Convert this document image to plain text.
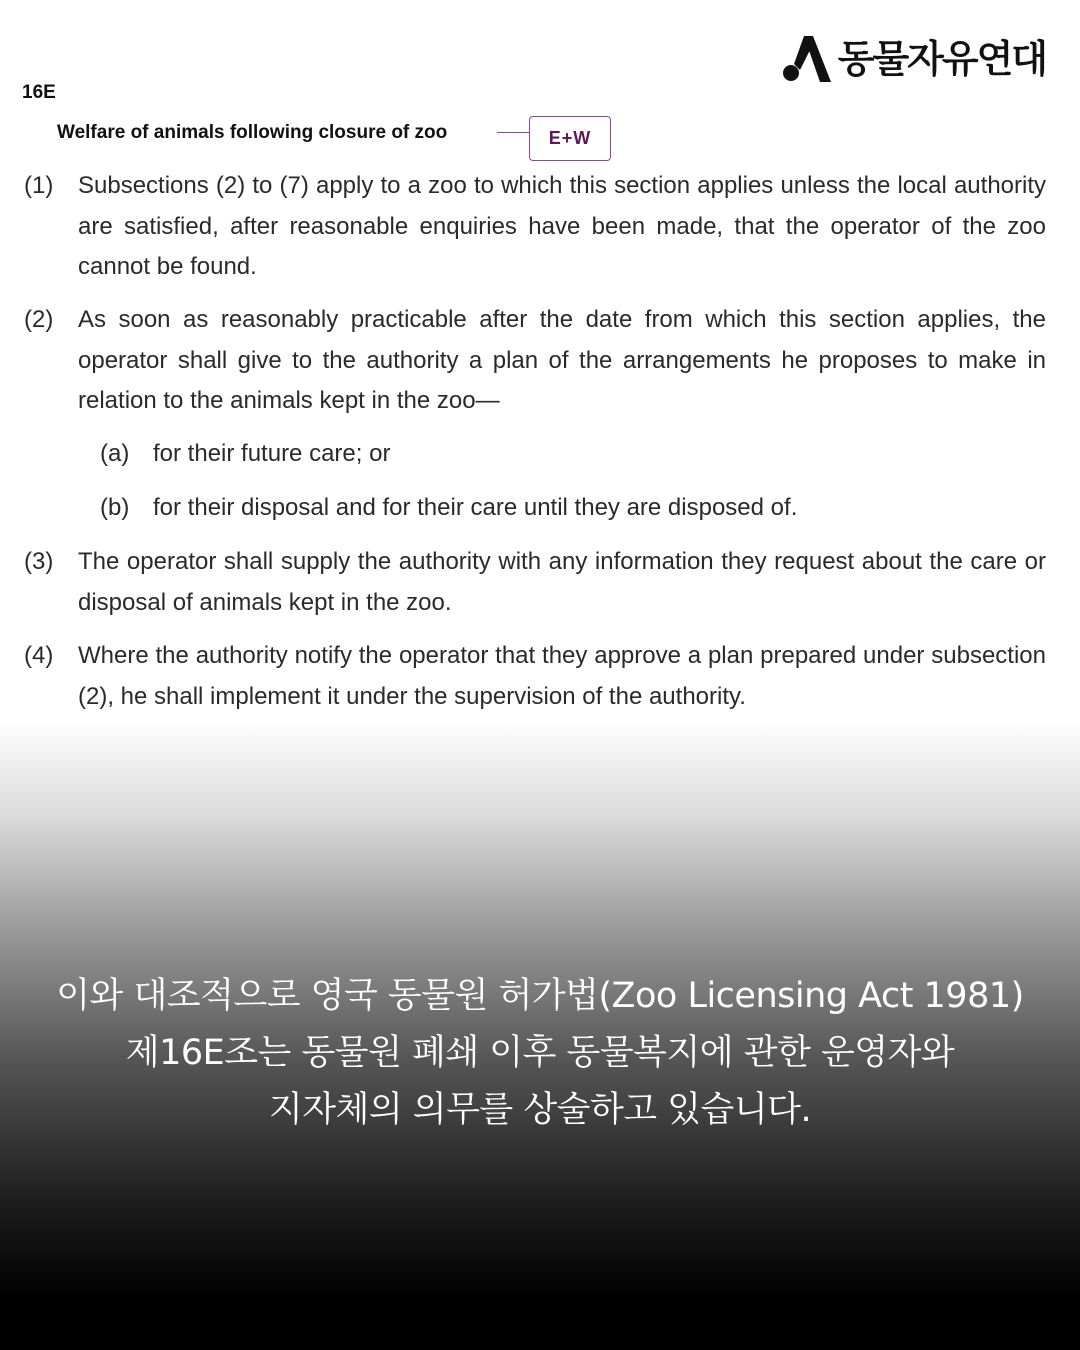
동물자유연대
16E
Welfare of animals following closure of zoo	E+W
(1)	Subsections (2) to (7) apply to a zoo to which this section applies unless the local authority are satisfied, after reasonable enquiries have been made, that the operator of the zoo cannot be found.
(2)	As soon as reasonably practicable after the date from which this section applies, the operator shall give to the authority a plan of the arrangements he proposes to make in relation to the animals kept in the zoo—
(a) for their future care; or
(b) for their disposal and for their care until they are disposed of.
(3)	The operator shall supply the authority with any information they request about the care or disposal of animals kept in the zoo.
(4)	Where the authority notify the operator that they approve a plan prepared under subsection (2), he shall implement it under the supervision of the authority.
이와 대조적으로 영국 동물원 허가법(Zoo Licensing Act 1981)
제16E조는 동물원 폐쇄 이후 동물복지에 관한 운영자와
지자체의 의무를 상술하고 있습니다.
